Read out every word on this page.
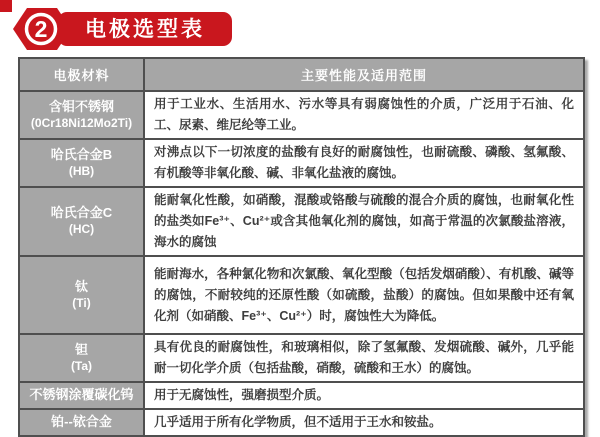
2 电极选型表
电极材料	主要性能及适用范围
含钼不锈钢
(0Cr18Ni12Mo2Ti)	用于工业水、生活用水、污水等具有弱腐蚀性的介质，广泛用于石油、化工、尿素、维尼纶等工业。
哈氏合金B
(HB)	对沸点以下一切浓度的盐酸有良好的耐腐蚀性，也耐硫酸、磷酸、氢氟酸、有机酸等非氧化酸、碱、非氧化盐液的腐蚀。
哈氏合金C
(HC)	能耐氧化性酸，如硝酸，混酸或铬酸与硫酸的混合介质的腐蚀，也耐氧化性的盐类如Fe³⁺、Cu²⁺或含其他氧化剂的腐蚀，如高于常温的次氯酸盐溶液，海水的腐蚀
钛
(Ti)	能耐海水，各种氯化物和次氯酸、氧化型酸（包括发烟硝酸）、有机酸、碱等的腐蚀，不耐较纯的还原性酸（如硫酸，盐酸）的腐蚀。但如果酸中还有氧化剂（如硝酸、Fe³⁺、Cu²⁺）时，腐蚀性大为降低。
钽
(Ta)	具有优良的耐腐蚀性，和玻璃相似，除了氢氟酸、发烟硫酸、碱外，几乎能耐一切化学介质（包括盐酸，硝酸，硫酸和王水）的腐蚀。
不锈钢涂覆碳化钨	用于无腐蚀性，强磨损型介质。
铂--铱合金	几乎适用于所有化学物质，但不适用于王水和铵盐。
